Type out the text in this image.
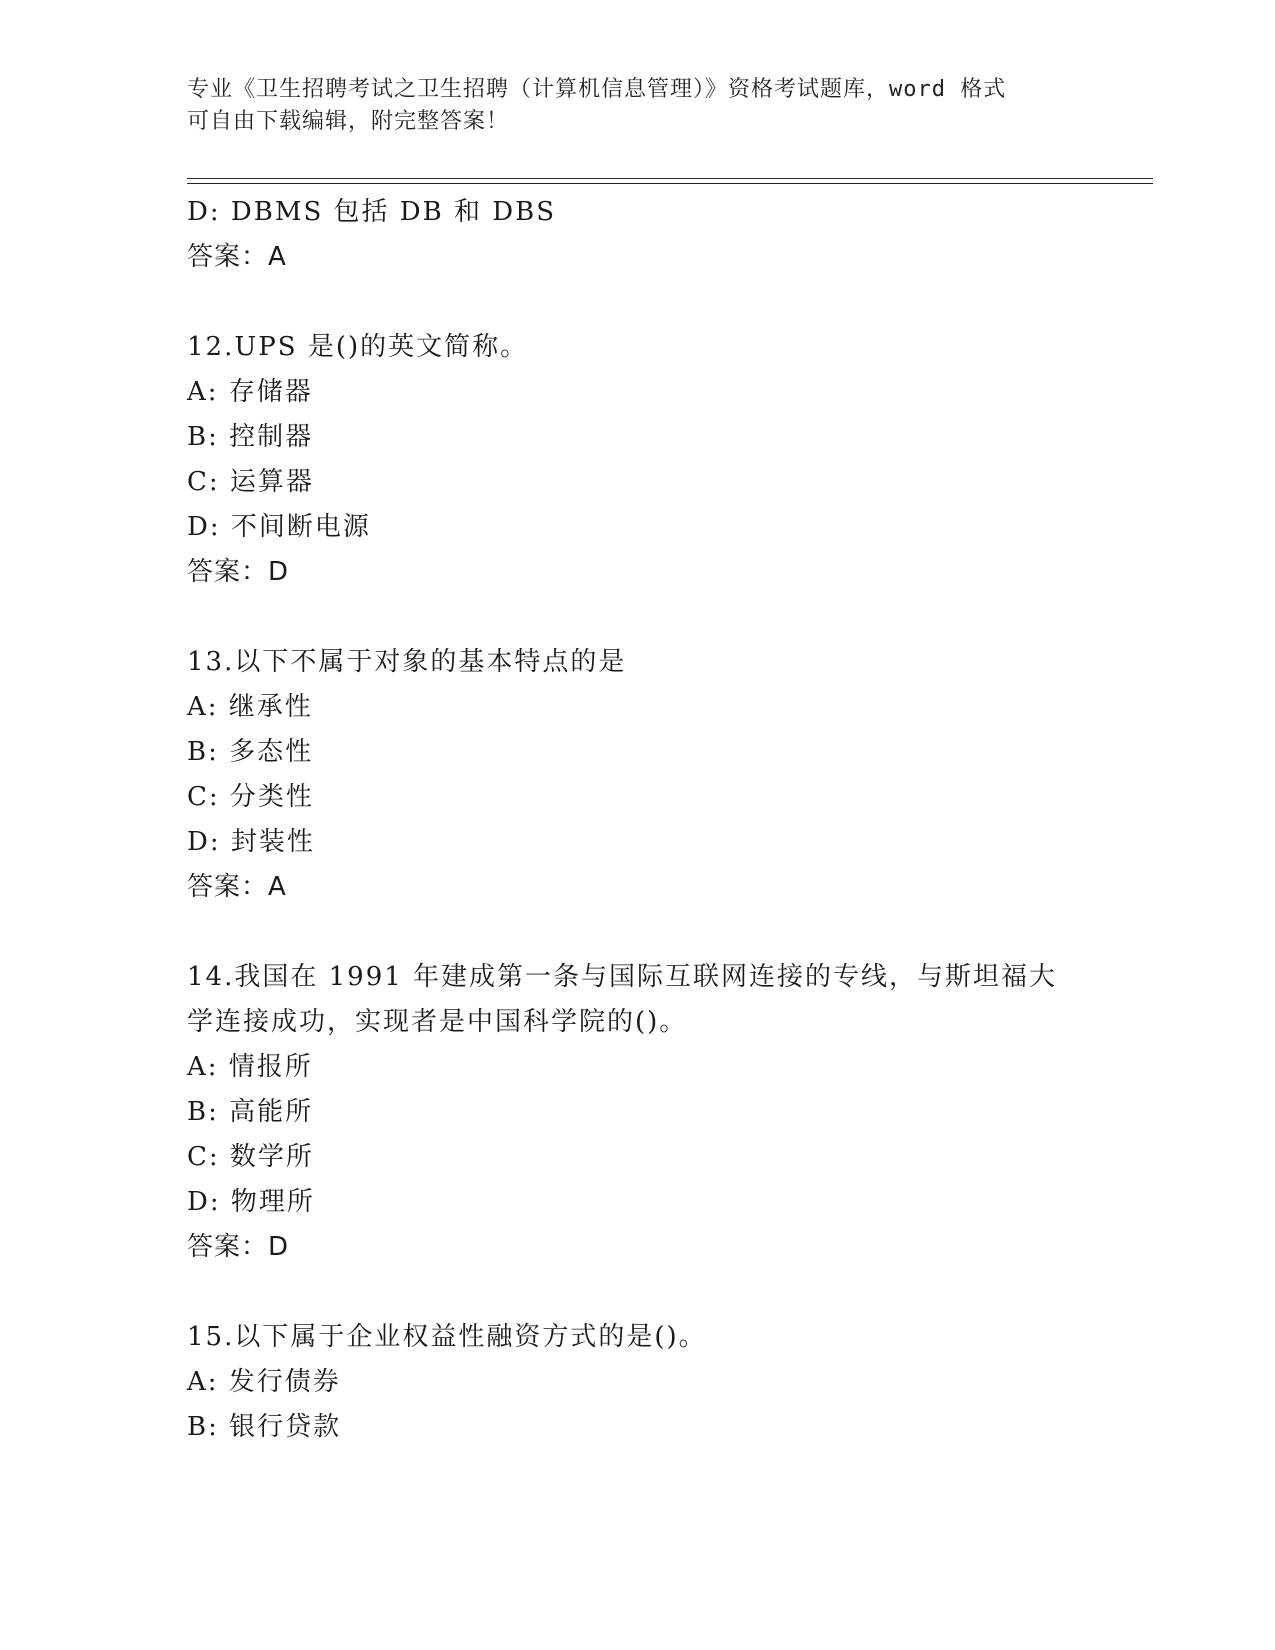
专业《卫生招聘考试之卫生招聘（计算机信息管理）》资格考试题库，word 格式
可自由下载编辑，附完整答案！
D: DBMS 包括 DB 和 DBS
答案：A
12.UPS 是()的英文简称。
A: 存储器
B: 控制器
C: 运算器
D: 不间断电源
答案：D
13.以下不属于对象的基本特点的是
A: 继承性
B: 多态性
C: 分类性
D: 封装性
答案：A
14.我国在 1991 年建成第一条与国际互联网连接的专线，与斯坦福大
学连接成功，实现者是中国科学院的()。
A: 情报所
B: 高能所
C: 数学所
D: 物理所
答案：D
15.以下属于企业权益性融资方式的是()。
A: 发行债券
B: 银行贷款
